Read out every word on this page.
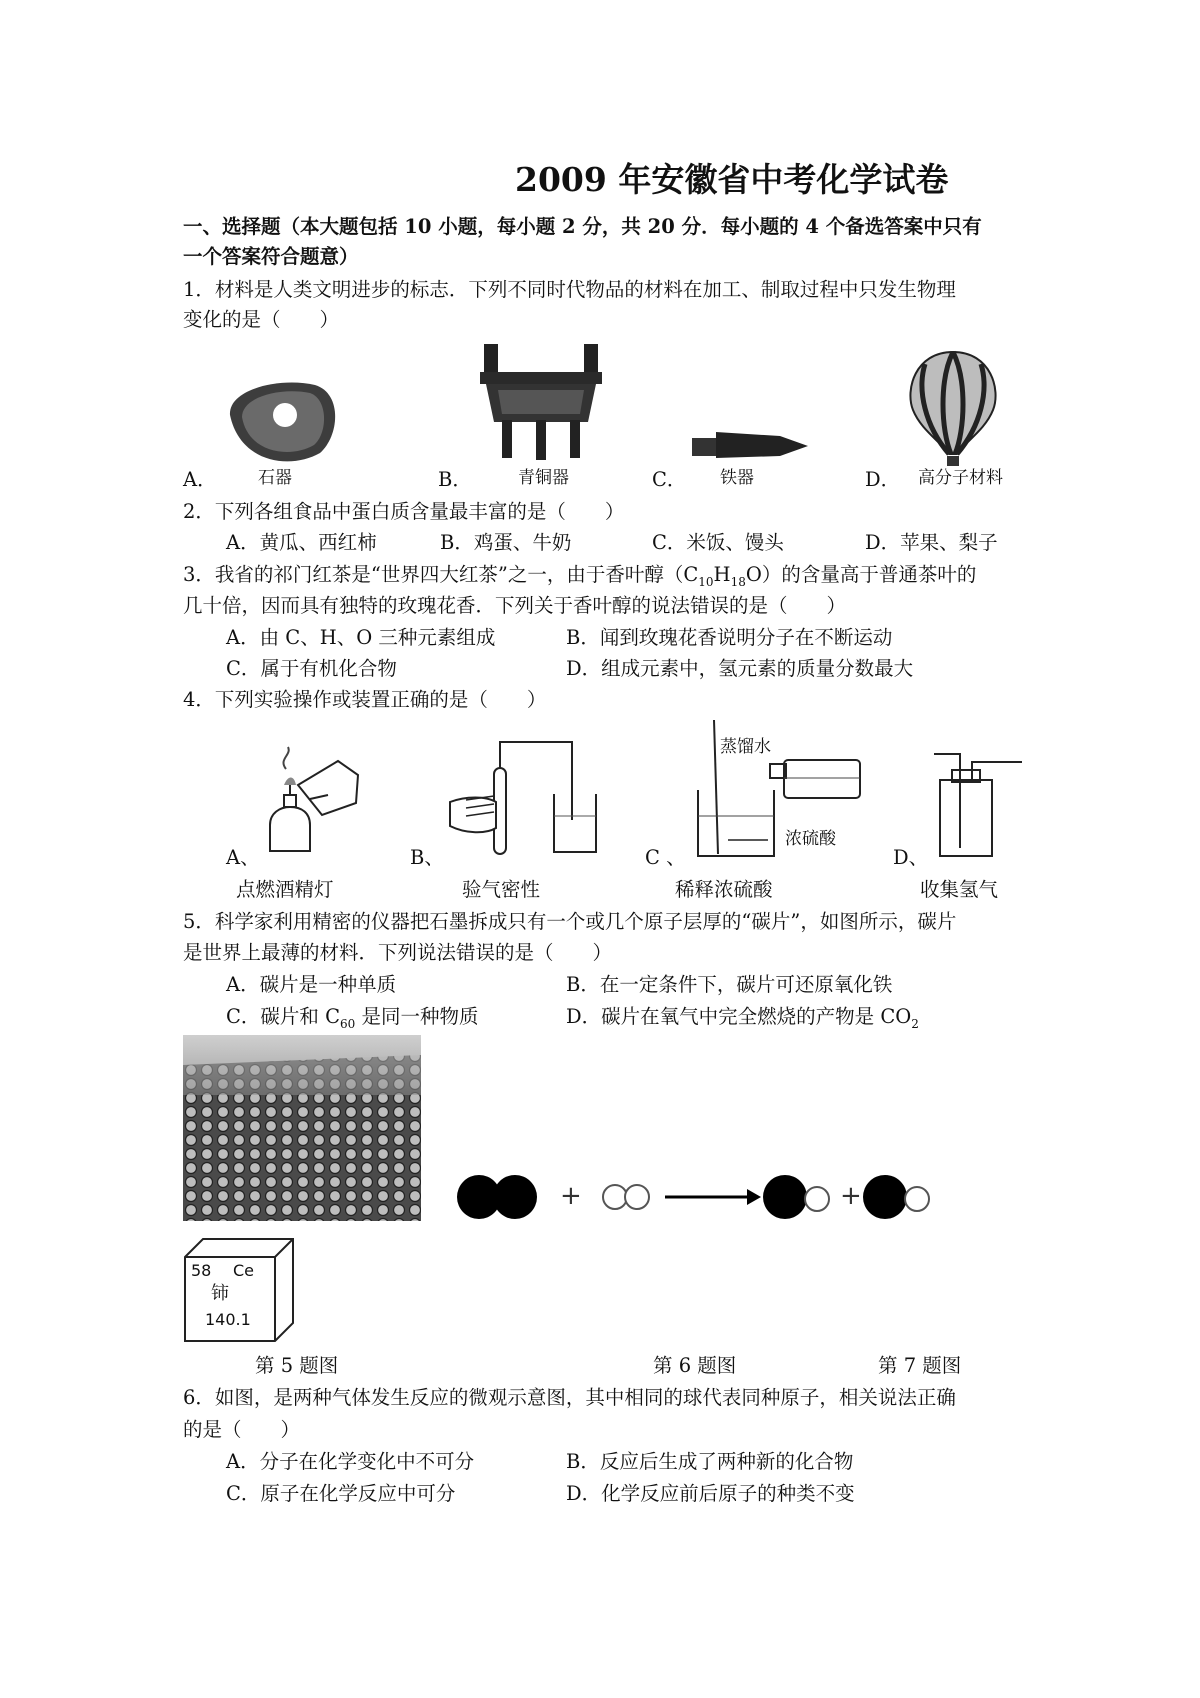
2009 年安徽省中考化学试卷
一、选择题（本大题包括 10 小题，每小题 2 分，共 20 分．每小题的 4 个备选答案中只有
一个答案符合题意）
1．材料是人类文明进步的标志．下列不同时代物品的材料在加工、制取过程中只发生物理
变化的是（　　）
A． 石器	B．	青铜器	C． 铁器	D． 高分子材料
2．下列各组食品中蛋白质含量最丰富的是（　　）
A．黄瓜、西红柿	B．鸡蛋、牛奶	C．米饭、馒头	D．苹果、梨子
3．我省的祁门红茶是“世界四大红茶”之一，由于香叶醇$(C_{10}H_{18}O)$的含量高于普通茶叶的
几十倍，因而具有独特的玫瑰花香．下列关于香叶醇的说法错误的是（　　）
A．由 C、H、O 三种元素组成	B．闻到玫瑰花香说明分子在不断运动
C．属于有机化合物	D．组成元素中，氢元素的质量分数最大
4．下列实验操作或装置正确的是（　　）
蒸馏水
浓硫酸
A、	B、	C 、	D、
点燃酒精灯	验气密性	稀释浓硫酸	收集氢气
5．科学家利用精密的仪器把石墨拆成只有一个或几个原子层厚的“碳片”，如图所示，碳片
是世界上最薄的材料．下列说法错误的是（　　）
A．碳片是一种单质	B．在一定条件下，碳片可还原氧化铁
C．碳片和 $C_{60}$ 是同一种物质	D．碳片在氧气中完全燃烧的产物是 $CO_2$
+	+
58 Ce
铈
140.1
第 5 题图	第 6 题图	第 7 题图
6．如图，是两种气体发生反应的微观示意图，其中相同的球代表同种原子，相关说法正确
的是（　　）
A．分子在化学变化中不可分	B．反应后生成了两种新的化合物
C．原子在化学反应中可分	D．化学反应前后原子的种类不变
